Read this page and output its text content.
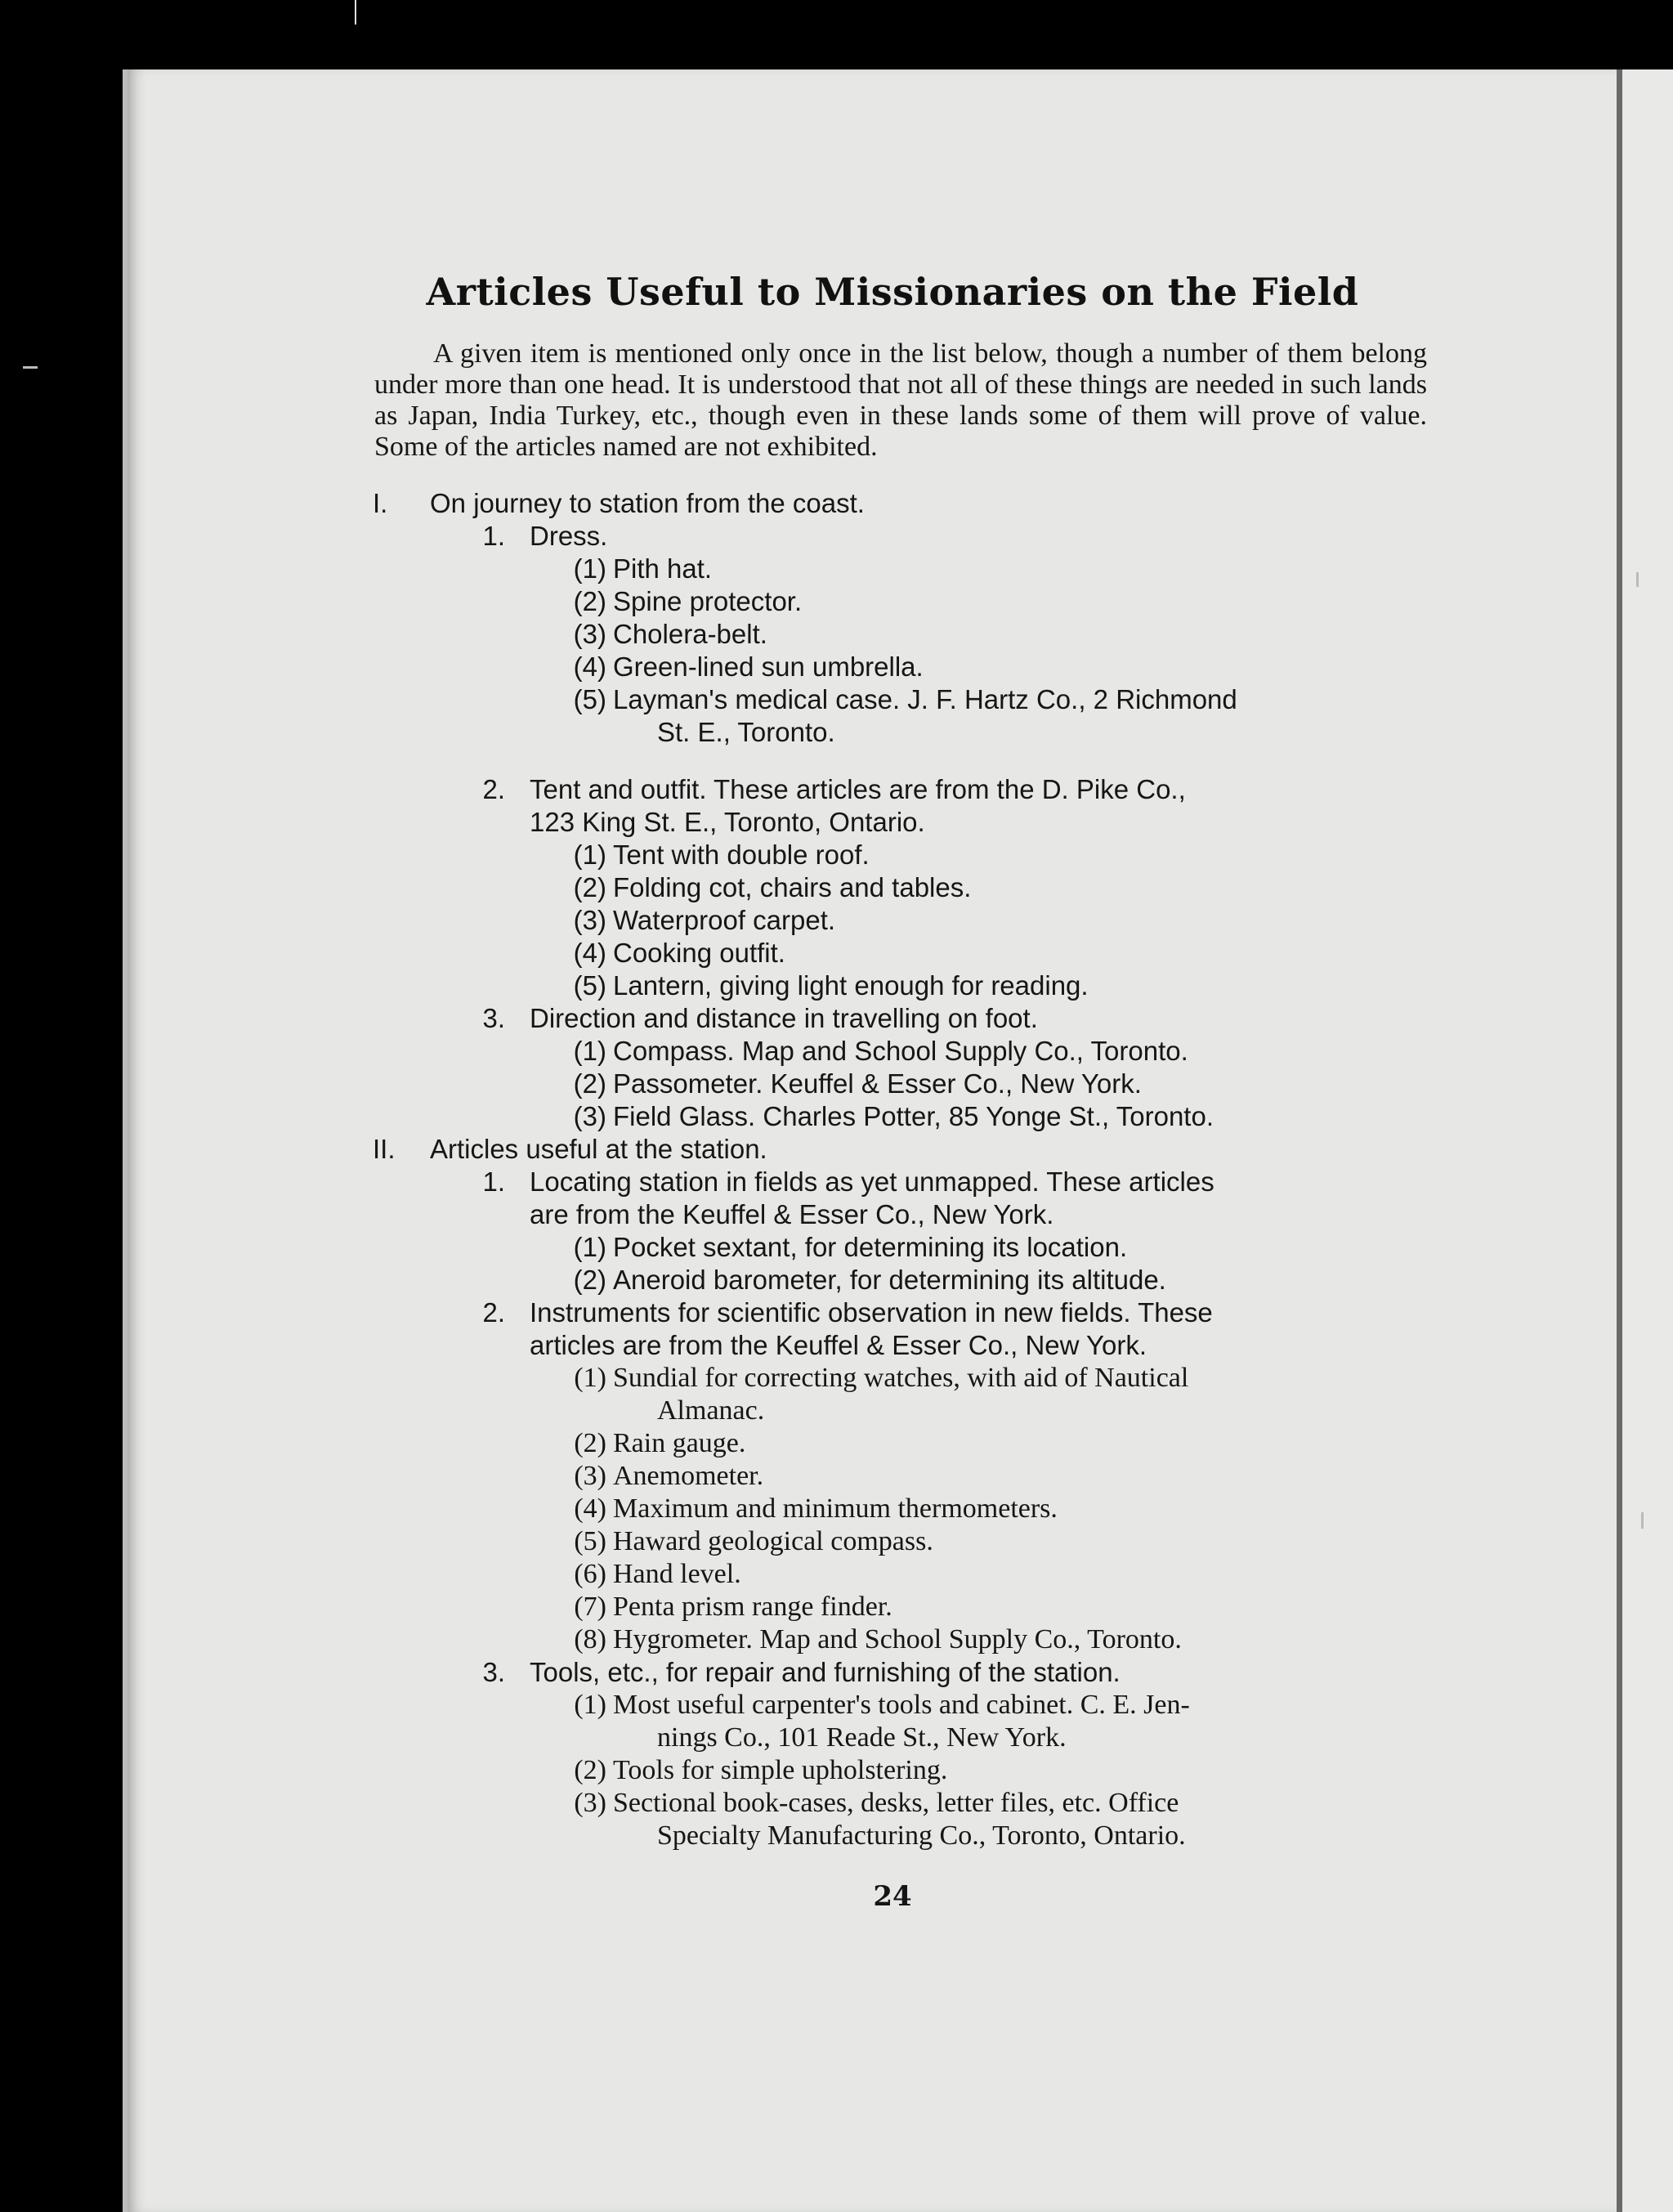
Articles Useful to Missionaries on the Field
A given item is mentioned only once in the list below, though a number of them belong under more than one head. It is understood that not all of these things are needed in such lands as Japan, India Turkey, etc., though even in these lands some of them will prove of value. Some of the articles named are not exhibited.
I.	On journey to station from the coast.
1. Dress.
(1) Pith hat.
(2) Spine protector.
(3) Cholera-belt.
(4) Green-lined sun umbrella.
(5) Layman's medical case. J. F. Hartz Co., 2 Richmond
St. E., Toronto.
2. Tent and outfit. These articles are from the D. Pike Co.,
123 King St. E., Toronto, Ontario.
(1) Tent with double roof.
(2) Folding cot, chairs and tables.
(3) Waterproof carpet.
(4) Cooking outfit.
(5) Lantern, giving light enough for reading.
3. Direction and distance in travelling on foot.
(1) Compass. Map and School Supply Co., Toronto.
(2) Passometer. Keuffel & Esser Co., New York.
(3) Field Glass. Charles Potter, 85 Yonge St., Toronto.
II.	Articles useful at the station.
1. Locating station in fields as yet unmapped. These articles
are from the Keuffel & Esser Co., New York.
(1) Pocket sextant, for determining its location.
(2) Aneroid barometer, for determining its altitude.
2. Instruments for scientific observation in new fields. These
articles are from the Keuffel & Esser Co., New York.
(1) Sundial for correcting watches, with aid of Nautical
Almanac.
(2) Rain gauge.
(3) Anemometer.
(4) Maximum and minimum thermometers.
(5) Haward geological compass.
(6) Hand level.
(7) Penta prism range finder.
(8) Hygrometer. Map and School Supply Co., Toronto.
3. Tools, etc., for repair and furnishing of the station.
(1) Most useful carpenter's tools and cabinet. C. E. Jen-
nings Co., 101 Reade St., New York.
(2) Tools for simple upholstering.
(3) Sectional book-cases, desks, letter files, etc. Office
Specialty Manufacturing Co., Toronto, Ontario.
24
